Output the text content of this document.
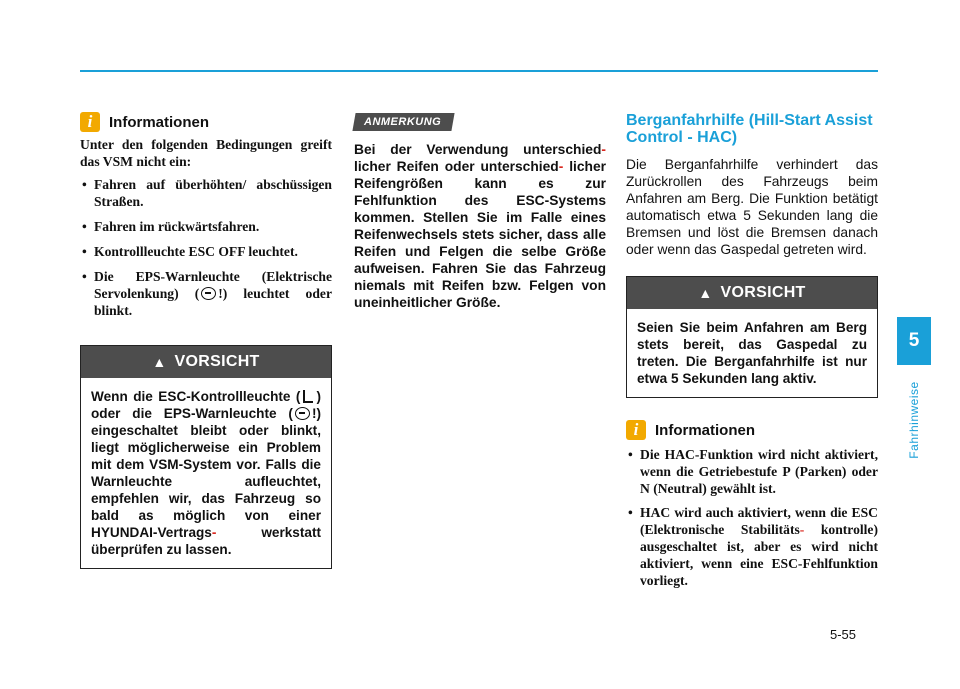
i	Informationen

Unter den folgenden Bedingungen greift das VSM nicht ein:

• Fahren auf überhöhten/ abschüssigen Straßen.
• Fahren im rückwärtsfahren.
• Kontrollleuchte ESC OFF leuchtet.
• Die EPS-Warnleuchte (Elektrische Servolenkung) ( !) leuchtet oder blinkt.
▲ VORSICHT
Wenn die ESC-Kontrollleuchte ( ) oder die EPS-Warnleuchte ( !) eingeschaltet bleibt oder blinkt, liegt möglicherweise ein Problem mit dem VSM-System vor. Falls die Warnleuchte aufleuchtet, empfehlen wir, das Fahrzeug so bald as möglich von einer HYUNDAI-Vertrags-	werkstatt überprüfen zu lassen.
ANMERKUNG
Bei der Verwendung unterschied- licher Reifen oder unterschied- licher Reifengrößen kann es zur Fehlfunktion des ESC-Systems kommen. Stellen Sie im Falle eines Reifenwechsels stets sicher, dass alle Reifen und Felgen die selbe Größe aufweisen. Fahren Sie das Fahrzeug niemals mit Reifen bzw. Felgen von uneinheitlicher Größe.
Berganfahrhilfe (Hill-Start Assist Control - HAC)

Die Berganfahrhilfe verhindert das Zurückrollen des Fahrzeugs beim Anfahren am Berg. Die Funktion betätigt automatisch etwa 5 Sekunden lang die Bremsen und löst die Bremsen danach oder wenn das Gaspedal getreten wird.

▲ VORSICHT
Seien Sie beim Anfahren am Berg stets bereit, das Gaspedal zu treten. Die Berganfahrhilfe ist nur etwa 5 Sekunden lang aktiv.
i	Informationen
• Die HAC-Funktion wird nicht aktiviert, wenn die Getriebestufe P (Parken) oder N (Neutral) gewählt ist.
• HAC wird auch aktiviert, wenn die ESC (Elektronische Stabilitäts- kontrolle) ausgeschaltet ist, aber es wird nicht aktiviert, wenn eine ESC-Fehlfunktion vorliegt.
5
Fahrhinweise
5-55
